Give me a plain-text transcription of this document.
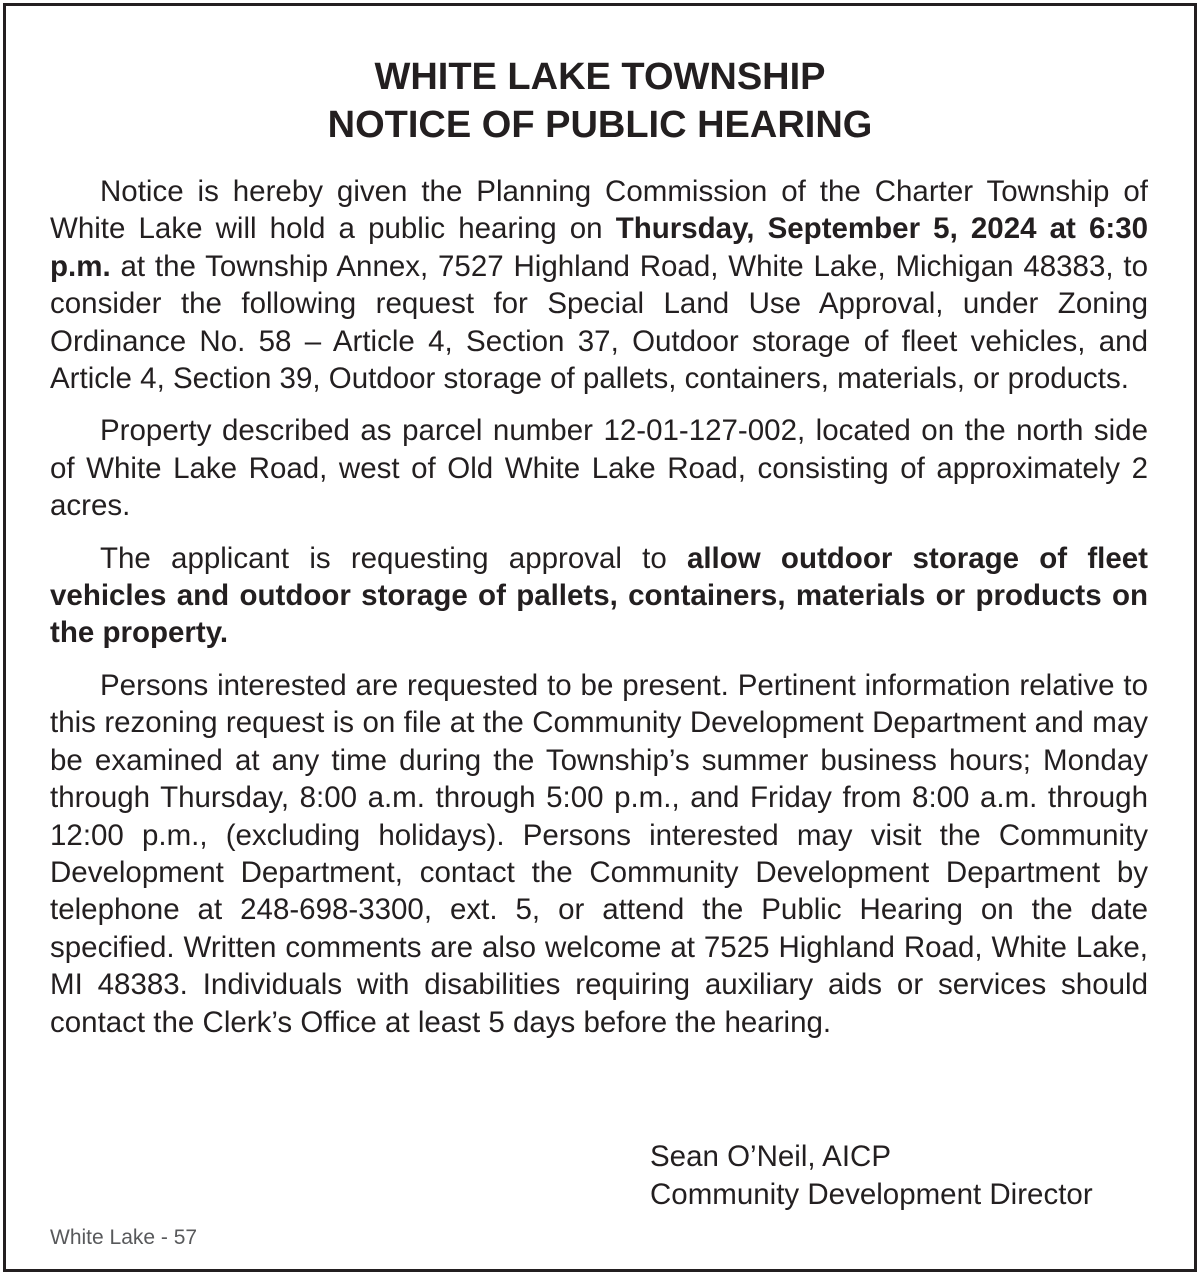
WHITE LAKE TOWNSHIP
NOTICE OF PUBLIC HEARING

Notice is hereby given the Planning Commission of the Charter Township of White Lake will hold a public hearing on Thursday, September 5, 2024 at 6:30 p.m. at the Township Annex, 7527 Highland Road, White Lake, Michigan 48383, to consider the following request for Special Land Use Approval, under Zoning Ordinance No. 58 – Article 4, Section 37, Outdoor storage of fleet vehicles, and Article 4, Section 39, Outdoor storage of pallets, containers, materials, or products.

Property described as parcel number 12-01-127-002, located on the north side of White Lake Road, west of Old White Lake Road, consisting of approximately 2 acres.

The applicant is requesting approval to allow outdoor storage of fleet vehicles and outdoor storage of pallets, containers, materials or products on the property.

Persons interested are requested to be present. Pertinent information relative to this rezoning request is on file at the Community Development Department and may be examined at any time during the Township’s summer business hours; Monday through Thursday, 8:00 a.m. through 5:00 p.m., and Friday from 8:00 a.m. through 12:00 p.m., (excluding holidays). Persons interested may visit the Community Development Department, contact the Community Development Department by telephone at 248-698-3300, ext. 5, or attend the Public Hearing on the date specified. Written comments are also welcome at 7525 Highland Road, White Lake, MI 48383. Individuals with disabilities requiring auxiliary aids or services should contact the Clerk’s Office at least 5 days before the hearing.

Sean O’Neil, AICP
Community Development Director
White Lake - 57
